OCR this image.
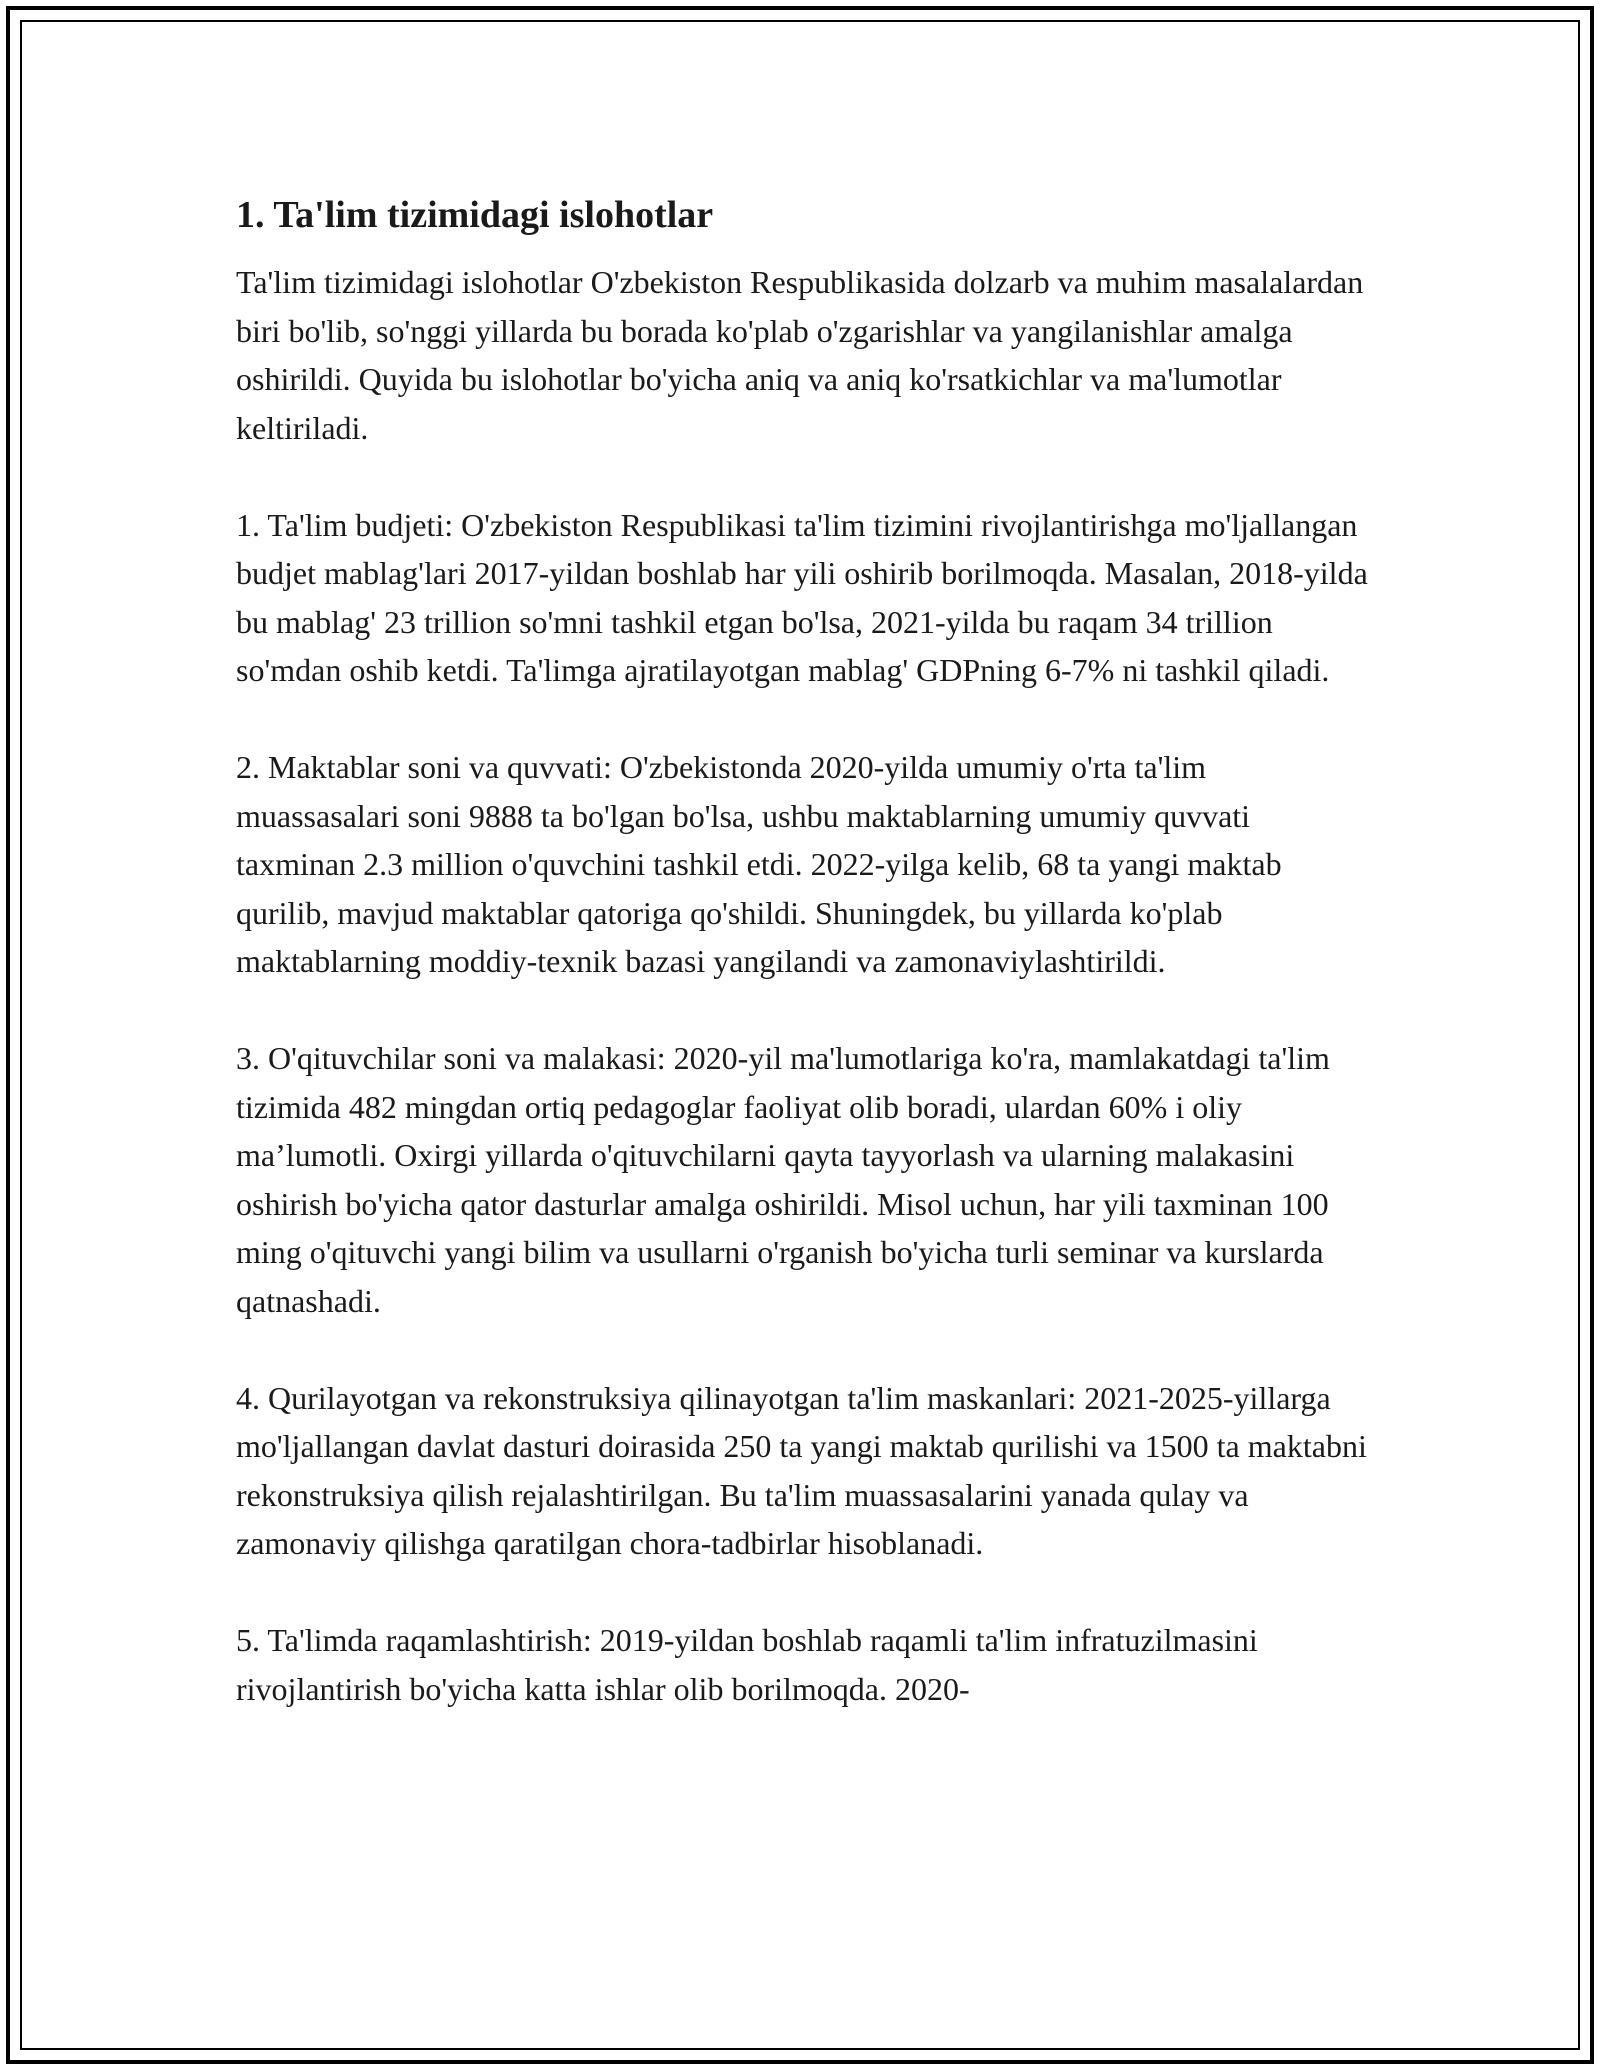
1. Ta'lim tizimidagi islohotlar

Ta'lim tizimidagi islohotlar O'zbekiston Respublikasida dolzarb va muhim masalalardan biri bo'lib, so'nggi yillarda bu borada ko'plab o'zgarishlar va yangilanishlar amalga oshirildi. Quyida bu islohotlar bo'yicha aniq va aniq ko'rsatkichlar va ma'lumotlar keltiriladi.

1. Ta'lim budjeti: O'zbekiston Respublikasi ta'lim tizimini rivojlantirishga mo'ljallangan budjet mablag'lari 2017-yildan boshlab har yili oshirib borilmoqda. Masalan, 2018-yilda bu mablag' 23 trillion so'mni tashkil etgan bo'lsa, 2021-yilda bu raqam 34 trillion so'mdan oshib ketdi. Ta'limga ajratilayotgan mablag' GDPning 6-7% ni tashkil qiladi.

2. Maktablar soni va quvvati: O'zbekistonda 2020-yilda umumiy o'rta ta'lim muassasalari soni 9888 ta bo'lgan bo'lsa, ushbu maktablarning umumiy quvvati taxminan 2.3 million o'quvchini tashkil etdi. 2022-yilga kelib, 68 ta yangi maktab qurilib, mavjud maktablar qatoriga qo'shildi. Shuningdek, bu yillarda ko'plab maktablarning moddiy-texnik bazasi yangilandi va zamonaviylashtirildi.

3. O'qituvchilar soni va malakasi: 2020-yil ma'lumotlariga ko'ra, mamlakatdagi ta'lim tizimida 482 mingdan ortiq pedagoglar faoliyat olib boradi, ulardan 60% i oliy ma’lumotli. Oxirgi yillarda o'qituvchilarni qayta tayyorlash va ularning malakasini oshirish bo'yicha qator dasturlar amalga oshirildi. Misol uchun, har yili taxminan 100 ming o'qituvchi yangi bilim va usullarni o'rganish bo'yicha turli seminar va kurslarda qatnashadi.

4. Qurilayotgan va rekonstruksiya qilinayotgan ta'lim maskanlari: 2021-2025-yillarga mo'ljallangan davlat dasturi doirasida 250 ta yangi maktab qurilishi va 1500 ta maktabni rekonstruksiya qilish rejalashtirilgan. Bu ta'lim muassasalarini yanada qulay va zamonaviy qilishga qaratilgan chora-tadbirlar hisoblanadi.

5. Ta'limda raqamlashtirish: 2019-yildan boshlab raqamli ta'lim infratuzilmasini rivojlantirish bo'yicha katta ishlar olib borilmoqda. 2020-
